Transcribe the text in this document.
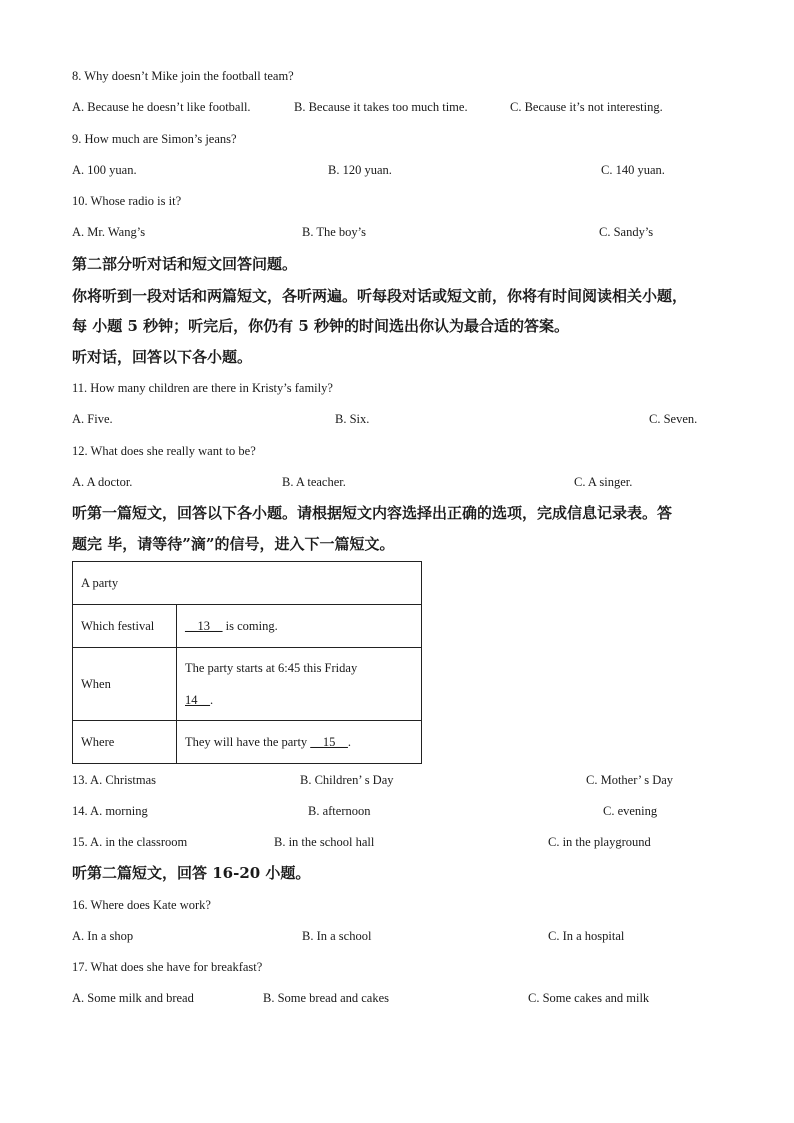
8. Why doesn’t Mike join the football team?
A. Because he doesn’t like football.	B. Because it takes too much time.	C. Because it’s not interesting.
9. How much are Simon’s jeans?
A. 100 yuan.	B. 120 yuan.	C. 140 yuan.
10. Whose radio is it?
A. Mr. Wang’s	B. The boy’s	C. Sandy’s
第二部分听对话和短文回答问题。
你将听到一段对话和两篇短文，各听两遍。听每段对话或短文前，你将有时间阅读相关小题，
每 小题 5 秒钟；听完后，你仍有 5 秒钟的时间选出你认为最合适的答案。
听对话，回答以下各小题。
11. How many children are there in Kristy’s family?
A. Five.	B. Six.	C. Seven.
12. What does she really want to be?
A. A doctor.	B. A teacher.	C. A singer.
听第一篇短文，回答以下各小题。请根据短文内容选择出正确的选项，完成信息记录表。答
题完 毕，请等待”滴”的信号，进入下一篇短文。
A party	
Which festival	__13__ is coming.
When	The party starts at 6:45 this Friday
14__.
Where	They will have the party __15__.
13. A. Christmas	B. Children’ s Day	C. Mother’ s Day
14. A. morning	B. afternoon	C. evening
15. A. in the classroom	B. in the school hall	C. in the playground
听第二篇短文，回答 16-20 小题。
16. Where does Kate work?
A. In a shop	B. In a school	C. In a hospital
17. What does she have for breakfast?
A. Some milk and bread	B. Some bread and cakes	C. Some cakes and milk
